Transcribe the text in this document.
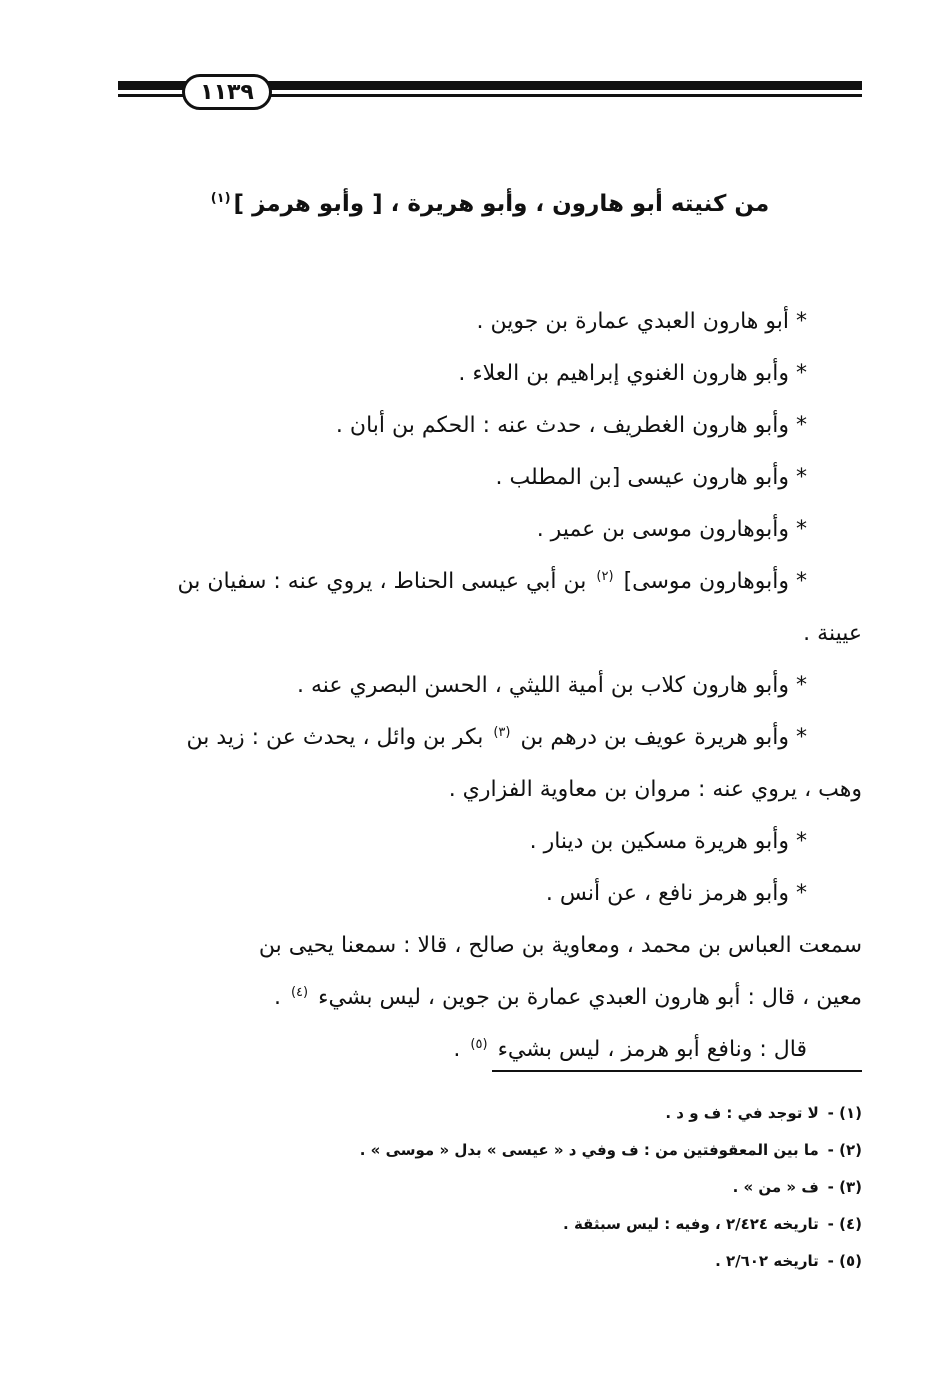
١١٣٩

من كنيته أبو هارون ، وأبو هريرة ، [ وأبو هرمز ]$^{(١)}$

* أبو هارون العبدي عمارة بن جوين .

* وأبو هارون الغنوي إبراهيم بن العلاء .

* وأبو هارون الغطريف ، حدث عنه : الحكم بن أبان .

* وأبو هارون عيسى [بن المطلب .

* وأبوهارون موسى بن عمير .

* وأبوهارون موسى] $^{(٢)}$ بن أبي عيسى الحناط ، يروي عنه : سفيان بن

عيينة .

* وأبو هارون كلاب بن أمية الليثي ، الحسن البصري عنه .

* وأبو هريرة عويف بن درهم بن $^{(٣)}$ بكر بن وائل ، يحدث عن : زيد بن

وهب ، يروي عنه : مروان بن معاوية الفزاري .

* وأبو هريرة مسكين بن دينار .

* وأبو هرمز نافع ، عن أنس .

سمعت العباس بن محمد ، ومعاوية بن صالح ، قالا : سمعنا يحيى بن

معين ، قال : أبو هارون العبدي عمارة بن جوين ، ليس بشيء $^{(٤)}$ .

قال : ونافع أبو هرمز ، ليس بشيء $^{(٥)}$ .

(١) - لا توجد في : ف و د .
(٢) - ما بين المعقوفتين من : ف وفي د « عيسى » بدل « موسى » .
(٣) - ف « من » .
(٤) - تاريخه ٢/٤٢٤ ، وفيه : ليس سبثقة .
(٥) - تاريخه ٢/٦٠٢ .
